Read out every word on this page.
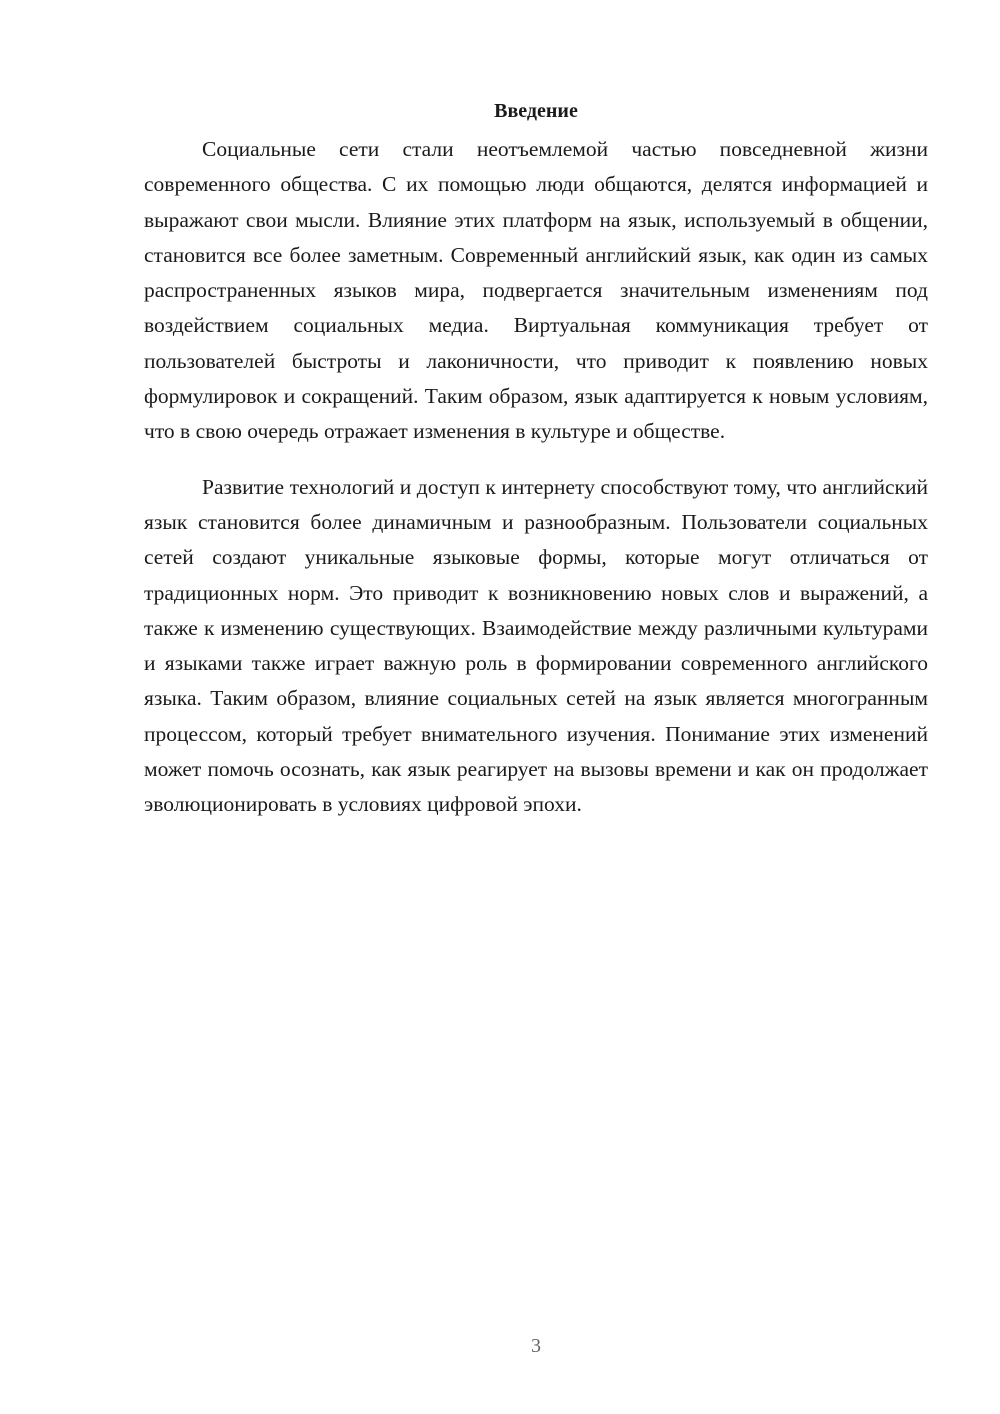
Введение

Социальные сети стали неотъемлемой частью повседневной жизни современного общества. С их помощью люди общаются, делятся информацией и выражают свои мысли. Влияние этих платформ на язык, используемый в общении, становится все более заметным. Современный английский язык, как один из самых распространенных языков мира, подвергается значительным изменениям под воздействием социальных медиа. Виртуальная коммуникация требует от пользователей быстроты и лаконичности, что приводит к появлению новых формулировок и сокращений. Таким образом, язык адаптируется к новым условиям, что в свою очередь отражает изменения в культуре и обществе.

Развитие технологий и доступ к интернету способствуют тому, что английский язык становится более динамичным и разнообразным. Пользователи социальных сетей создают уникальные языковые формы, которые могут отличаться от традиционных норм. Это приводит к возникновению новых слов и выражений, а также к изменению существующих. Взаимодействие между различными культурами и языками также играет важную роль в формировании современного английского языка. Таким образом, влияние социальных сетей на язык является многогранным процессом, который требует внимательного изучения. Понимание этих изменений может помочь осознать, как язык реагирует на вызовы времени и как он продолжает эволюционировать в условиях цифровой эпохи.

3
